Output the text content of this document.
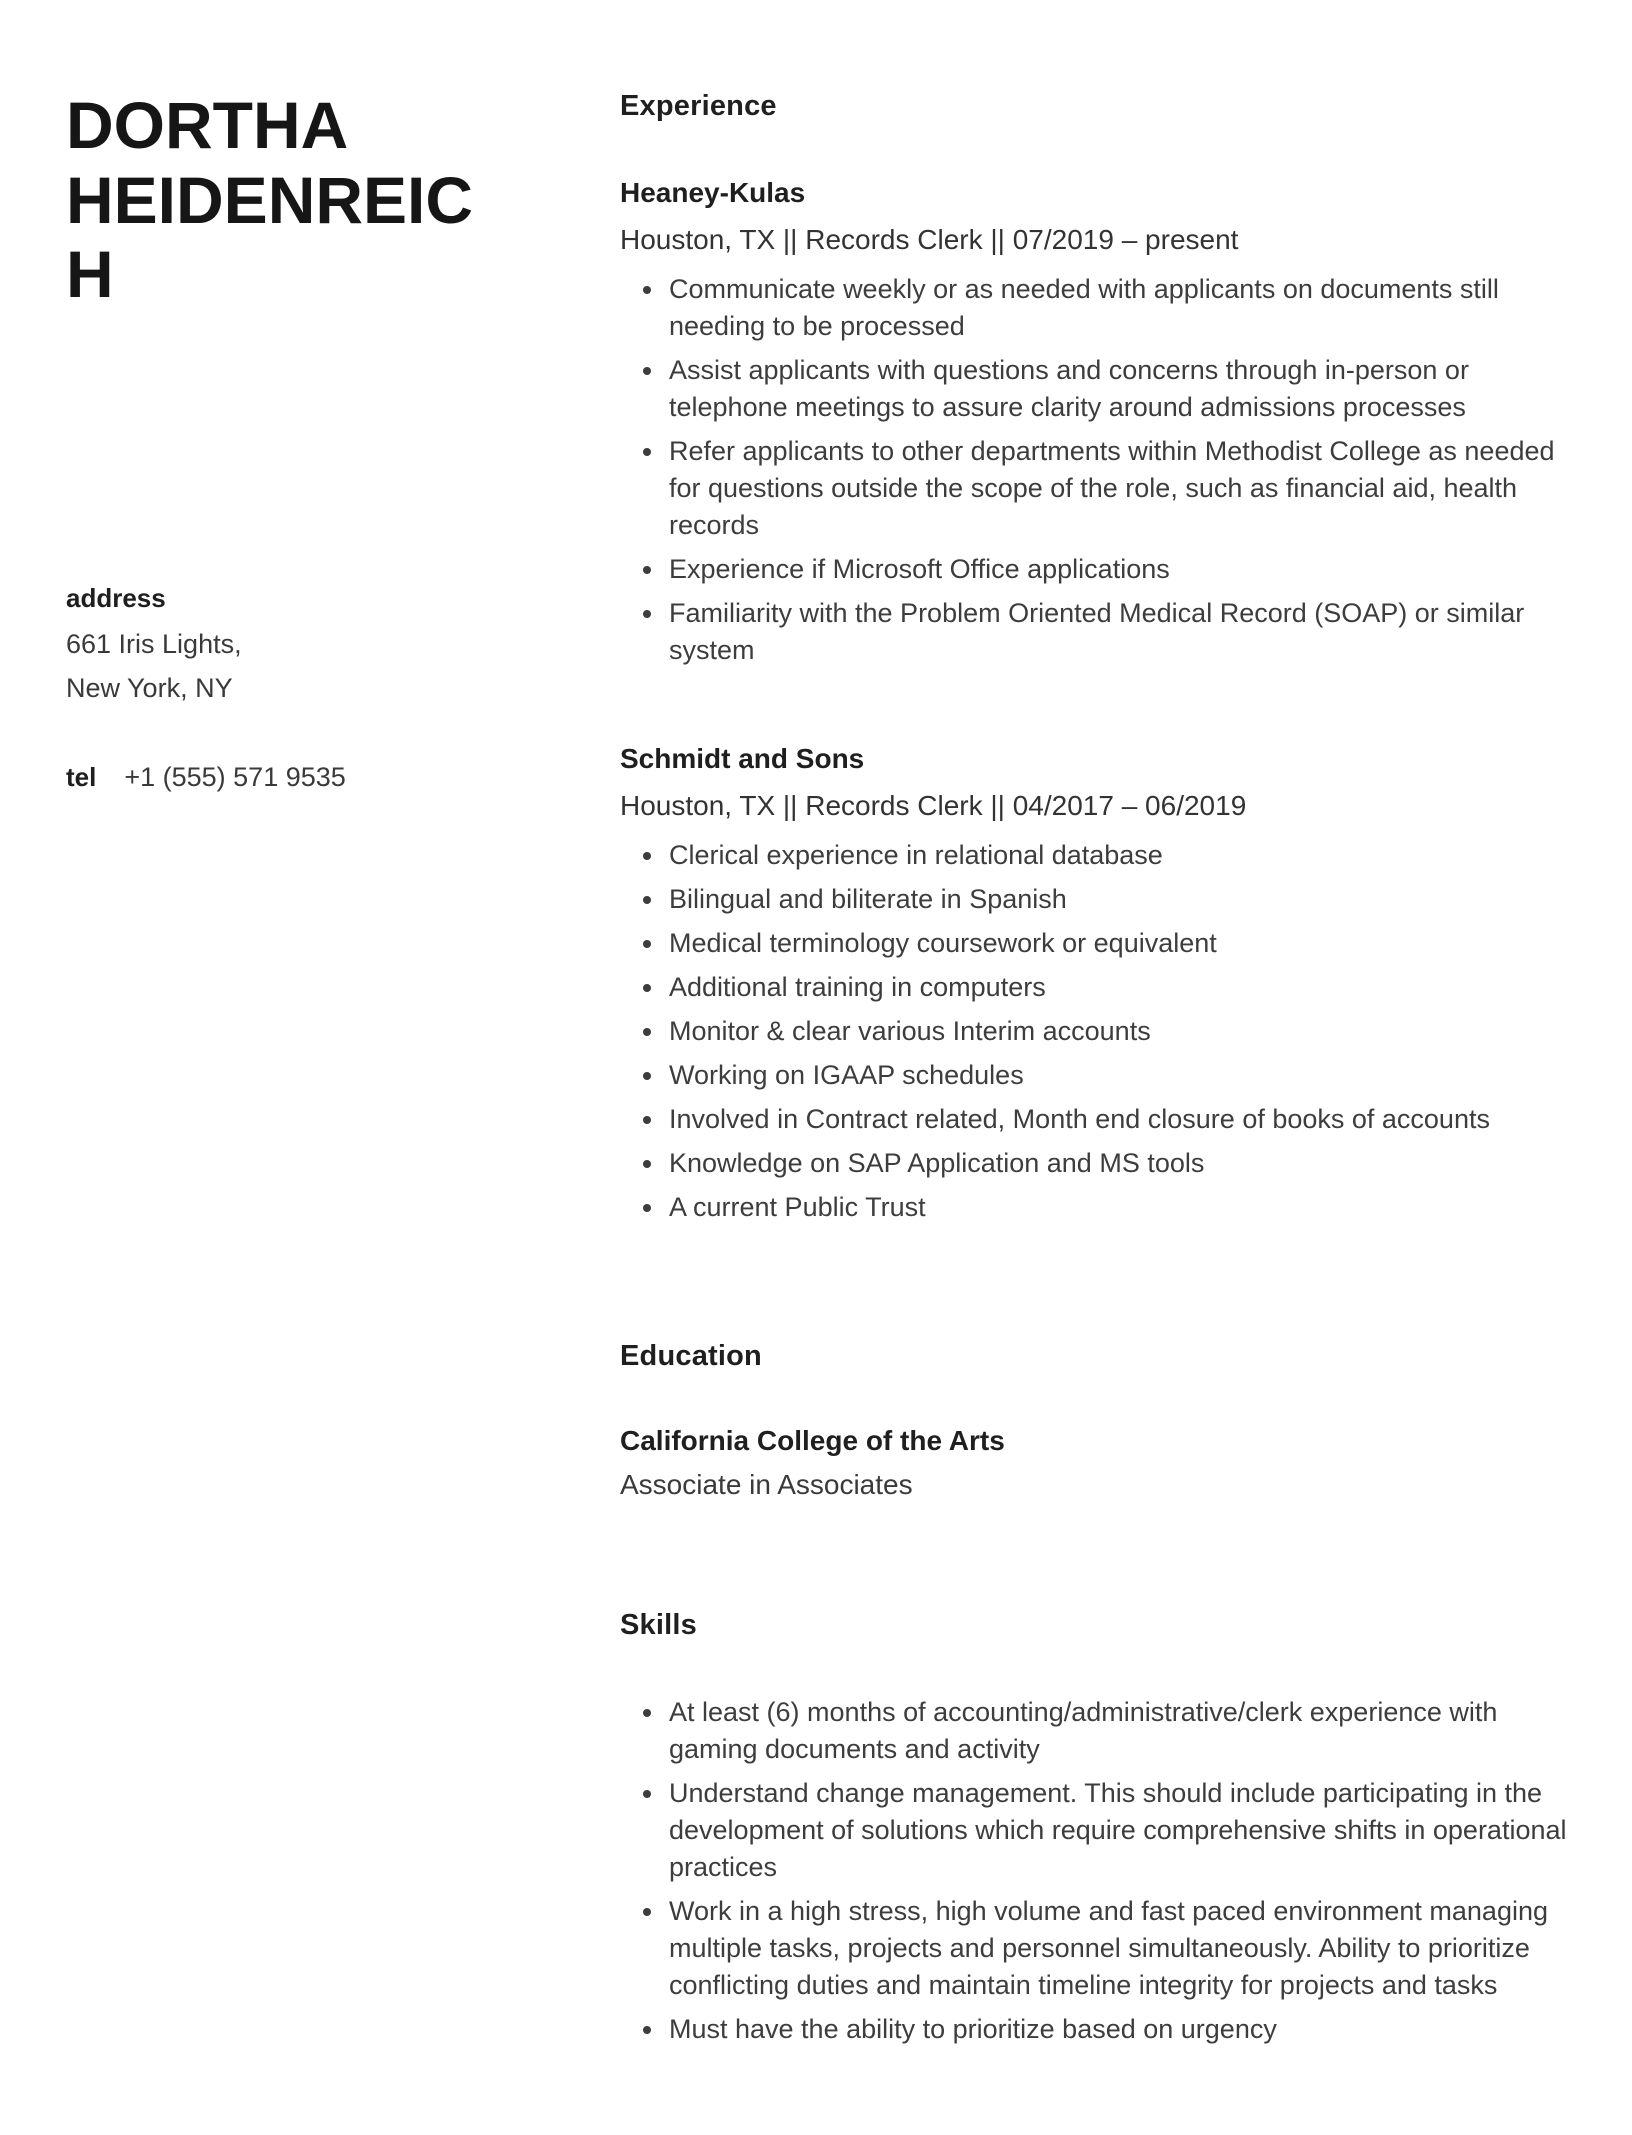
DORTHA HEIDENREICH
address
661 Iris Lights,
New York, NY
tel +1 (555) 571 9535
Experience
Heaney-Kulas
Houston, TX || Records Clerk || 07/2019 – present
• Communicate weekly or as needed with applicants on documents still needing to be processed
• Assist applicants with questions and concerns through in-person or telephone meetings to assure clarity around admissions processes
• Refer applicants to other departments within Methodist College as needed for questions outside the scope of the role, such as financial aid, health records
• Experience if Microsoft Office applications
• Familiarity with the Problem Oriented Medical Record (SOAP) or similar system
Schmidt and Sons
Houston, TX || Records Clerk || 04/2017 – 06/2019
• Clerical experience in relational database
• Bilingual and biliterate in Spanish
• Medical terminology coursework or equivalent
• Additional training in computers
• Monitor & clear various Interim accounts
• Working on IGAAP schedules
• Involved in Contract related, Month end closure of books of accounts
• Knowledge on SAP Application and MS tools
• A current Public Trust
Education
California College of the Arts
Associate in Associates
Skills
• At least (6) months of accounting/administrative/clerk experience with gaming documents and activity
• Understand change management. This should include participating in the development of solutions which require comprehensive shifts in operational practices
• Work in a high stress, high volume and fast paced environment managing multiple tasks, projects and personnel simultaneously. Ability to prioritize conflicting duties and maintain timeline integrity for projects and tasks
• Must have the ability to prioritize based on urgency
